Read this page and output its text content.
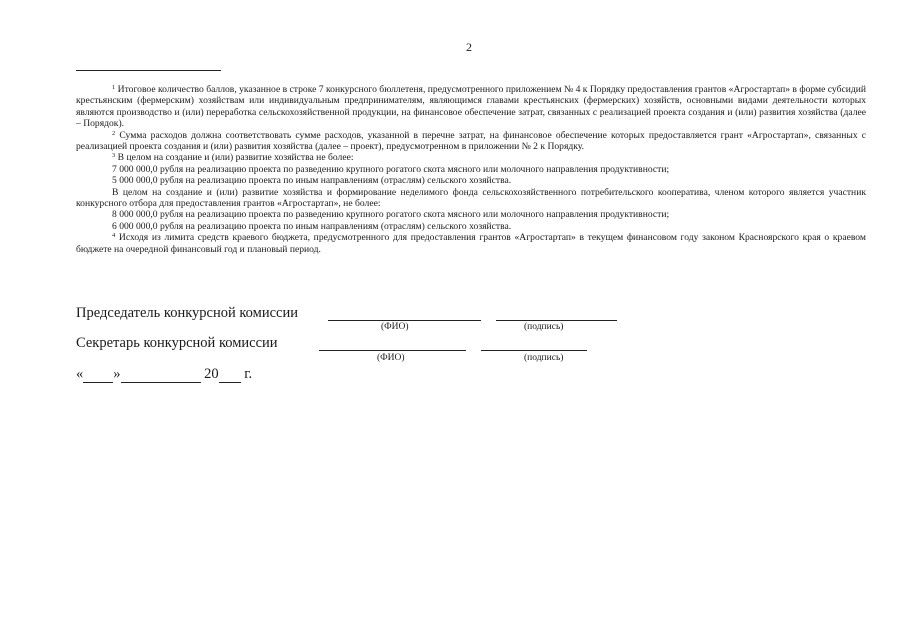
2

$^1$ Итоговое количество баллов, указанное в строке 7 конкурсного бюллетеня, предусмотренного приложением № 4 к Порядку предоставления грантов «Агростартап» в форме субсидий крестьянским (фермерским) хозяйствам или индивидуальным предпринимателям, являющимся главами крестьянских (фермерских) хозяйств, основными видами деятельности которых являются производство и (или) переработка сельскохозяйственной продукции, на финансовое обеспечение затрат, связанных с реализацией проекта создания и (или) развития хозяйства (далее – Порядок).

$^2$ Сумма расходов должна соответствовать сумме расходов, указанной в перечне затрат, на финансовое обеспечение которых предоставляется грант «Агростартап», связанных с реализацией проекта создания и (или) развития хозяйства (далее – проект), предусмотренном в приложении № 2 к Порядку.

$^3$ В целом на создание и (или) развитие хозяйства не более:

7 000 000,0 рубля на реализацию проекта по разведению крупного рогатого скота мясного или молочного направления продуктивности;

5 000 000,0 рубля на реализацию проекта по иным направлениям (отраслям) сельского хозяйства.

В целом на создание и (или) развитие хозяйства и формирование неделимого фонда сельскохозяйственного потребительского кооператива, членом которого является участник конкурсного отбора для предоставления грантов «Агростартап», не более:

8 000 000,0 рубля на реализацию проекта по разведению крупного рогатого скота мясного или молочного направления продуктивности;

6 000 000,0 рубля на реализацию проекта по иным направлениям (отраслям) сельского хозяйства.

$^4$ Исходя из лимита средств краевого бюджета, предусмотренного для предоставления грантов «Агростартап» в текущем финансовом году законом Красноярского края о краевом бюджете на очередной финансовый год и плановый период.

Председатель конкурсной комиссии
(ФИО)	(подпись)
Секретарь конкурсной комиссии
(ФИО)	(подпись)
« »	20 г.
